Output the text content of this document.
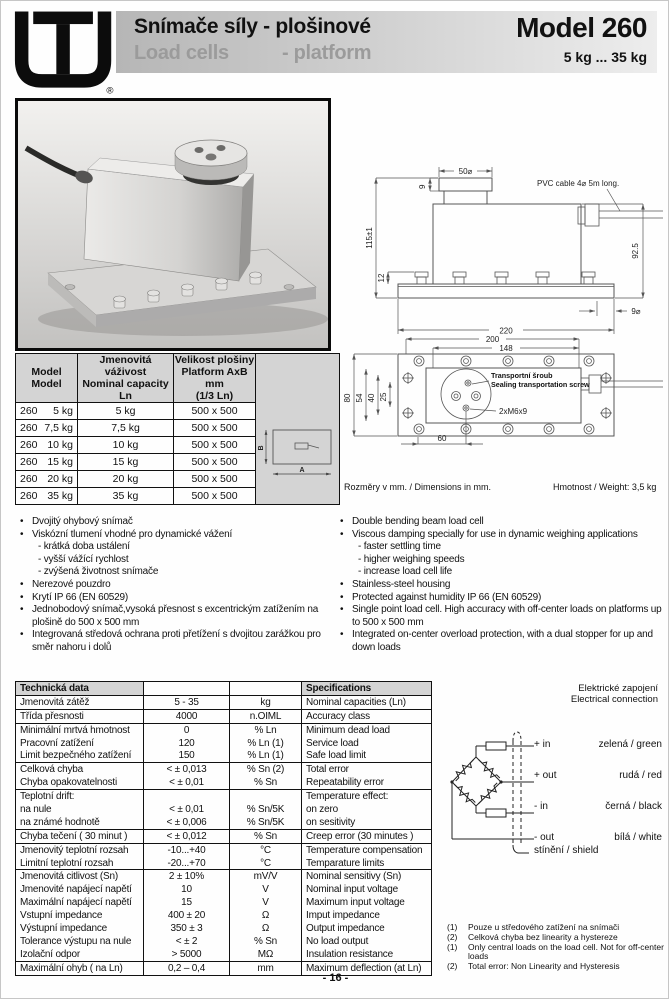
®
Snímače síly - plošinové
Load cells	- platform
Model 260
5 kg ... 35 kg
50⌀
9
115±1
12
92.5
220
9⌀
PVC cable 4⌀ 5m long.
Transportní šroub
Sealing transportation screw
2xM6x9
200
148
80 54 40 25
60
Rozměry v mm. / Dimensions in mm.	Hmotnost / Weight: 3,5 kg
Model
Model

Jmenovitá váživost
Nominal capacity
Ln

Velikost plošiny
Platform AxB mm
(1/3 Ln)

B
A

260 5 kg	5 kg	500 x 500	

260 7,5 kg	7,5 kg	500 x 500	

260 10 kg	10 kg	500 x 500	

260 15 kg	15 kg	500 x 500	

260 20 kg	20 kg	500 x 500	

260 35 kg	35 kg	500 x 500	
• Dvojitý ohybový snímač
• Viskózní tlumení vhodné pro dynamické vážení
- krátká doba ustálení
- vyšší vážící rychlost
- zvýšená životnost snímače
• Nerezové pouzdro
• Krytí IP 66 (EN 60529)
• Jednobodový snímač,vysoká přesnost s excentrickým zatížením na plošině do 500 x 500 mm
• Integrovaná středová ochrana proti přetížení s dvojitou zarážkou pro směr nahoru i dolů
• Double bending beam load cell
• Viscous damping specially for use in dynamic weighing applications
- faster settling time
- higher weighing speeds
- increase load cell life
• Stainless-steel housing
• Protected against humidity IP 66 (EN 60529)
• Single point load cell. High accuracy with off-center loads on platforms up to 500 x 500 mm
• Integrated on-center overload protection, with a dual stopper for up and down loads
Technická data			Specifications
Jmenovitá zátěž	5 - 35	kg	Nominal capacities (Ln)
Třída přesnosti	4000	n.OIML	Accuracy class
Minimální mrtvá hmotnost	0	% Ln	Minimum dead load
Pracovní zatížení	120	% Ln (1)	Service load
Limit bezpečného zatížení	150	% Ln (1)	Safe load limit
Celková chyba	< ± 0,013	% Sn (2)	Total error
Chyba opakovatelnosti	< ± 0,01	% Sn	Repeatability error
Teplotní drift:			Temperature effect:
na nule	< ± 0,01	% Sn/5K	on zero
na známé hodnotě	< ± 0,006	% Sn/5K	on sesitivity
Chyba tečení ( 30 minut )	< ± 0,012	% Sn	Creep error (30 minutes )
Jmenovitý teplotní rozsah	-10...+40	°C	Temperature compensation
Limitní teplotní rozsah	-20...+70	°C	Temparature limits
Jmenovitá citlivost (Sn)	2 ± 10%	mV/V	Nominal sensitivy (Sn)
Jmenovité napájecí napětí	10	V	Nominal input voltage
Maximální napájecí napětí	15	V	Maximum input voltage
Vstupní impedance	400 ± 20	Ω	Imput impedance
Výstupní impedance	350 ± 3	Ω	Output impedance
Tolerance výstupu na nule	< ± 2	% Sn	No load output
Izolační odpor	> 5000	MΩ	Insulation resistance
Maximální ohyb ( na Ln)	0,2 – 0,4	mm	Maximum deflection (at Ln)
Elektrické zapojení
Electrical connection
+ in
+ out
- in
- out
zelená / green
rudá / red
černá / black
bílá / white
stínění / shield
(1)	Pouze u středového zatížení na snímači
(2)	Celková chyba bez linearity a hystereze
(1)	Only central loads on the load cell. Not for off-center loads
(2)	Total error: Non Linearity and Hysteresis
- 16 -
